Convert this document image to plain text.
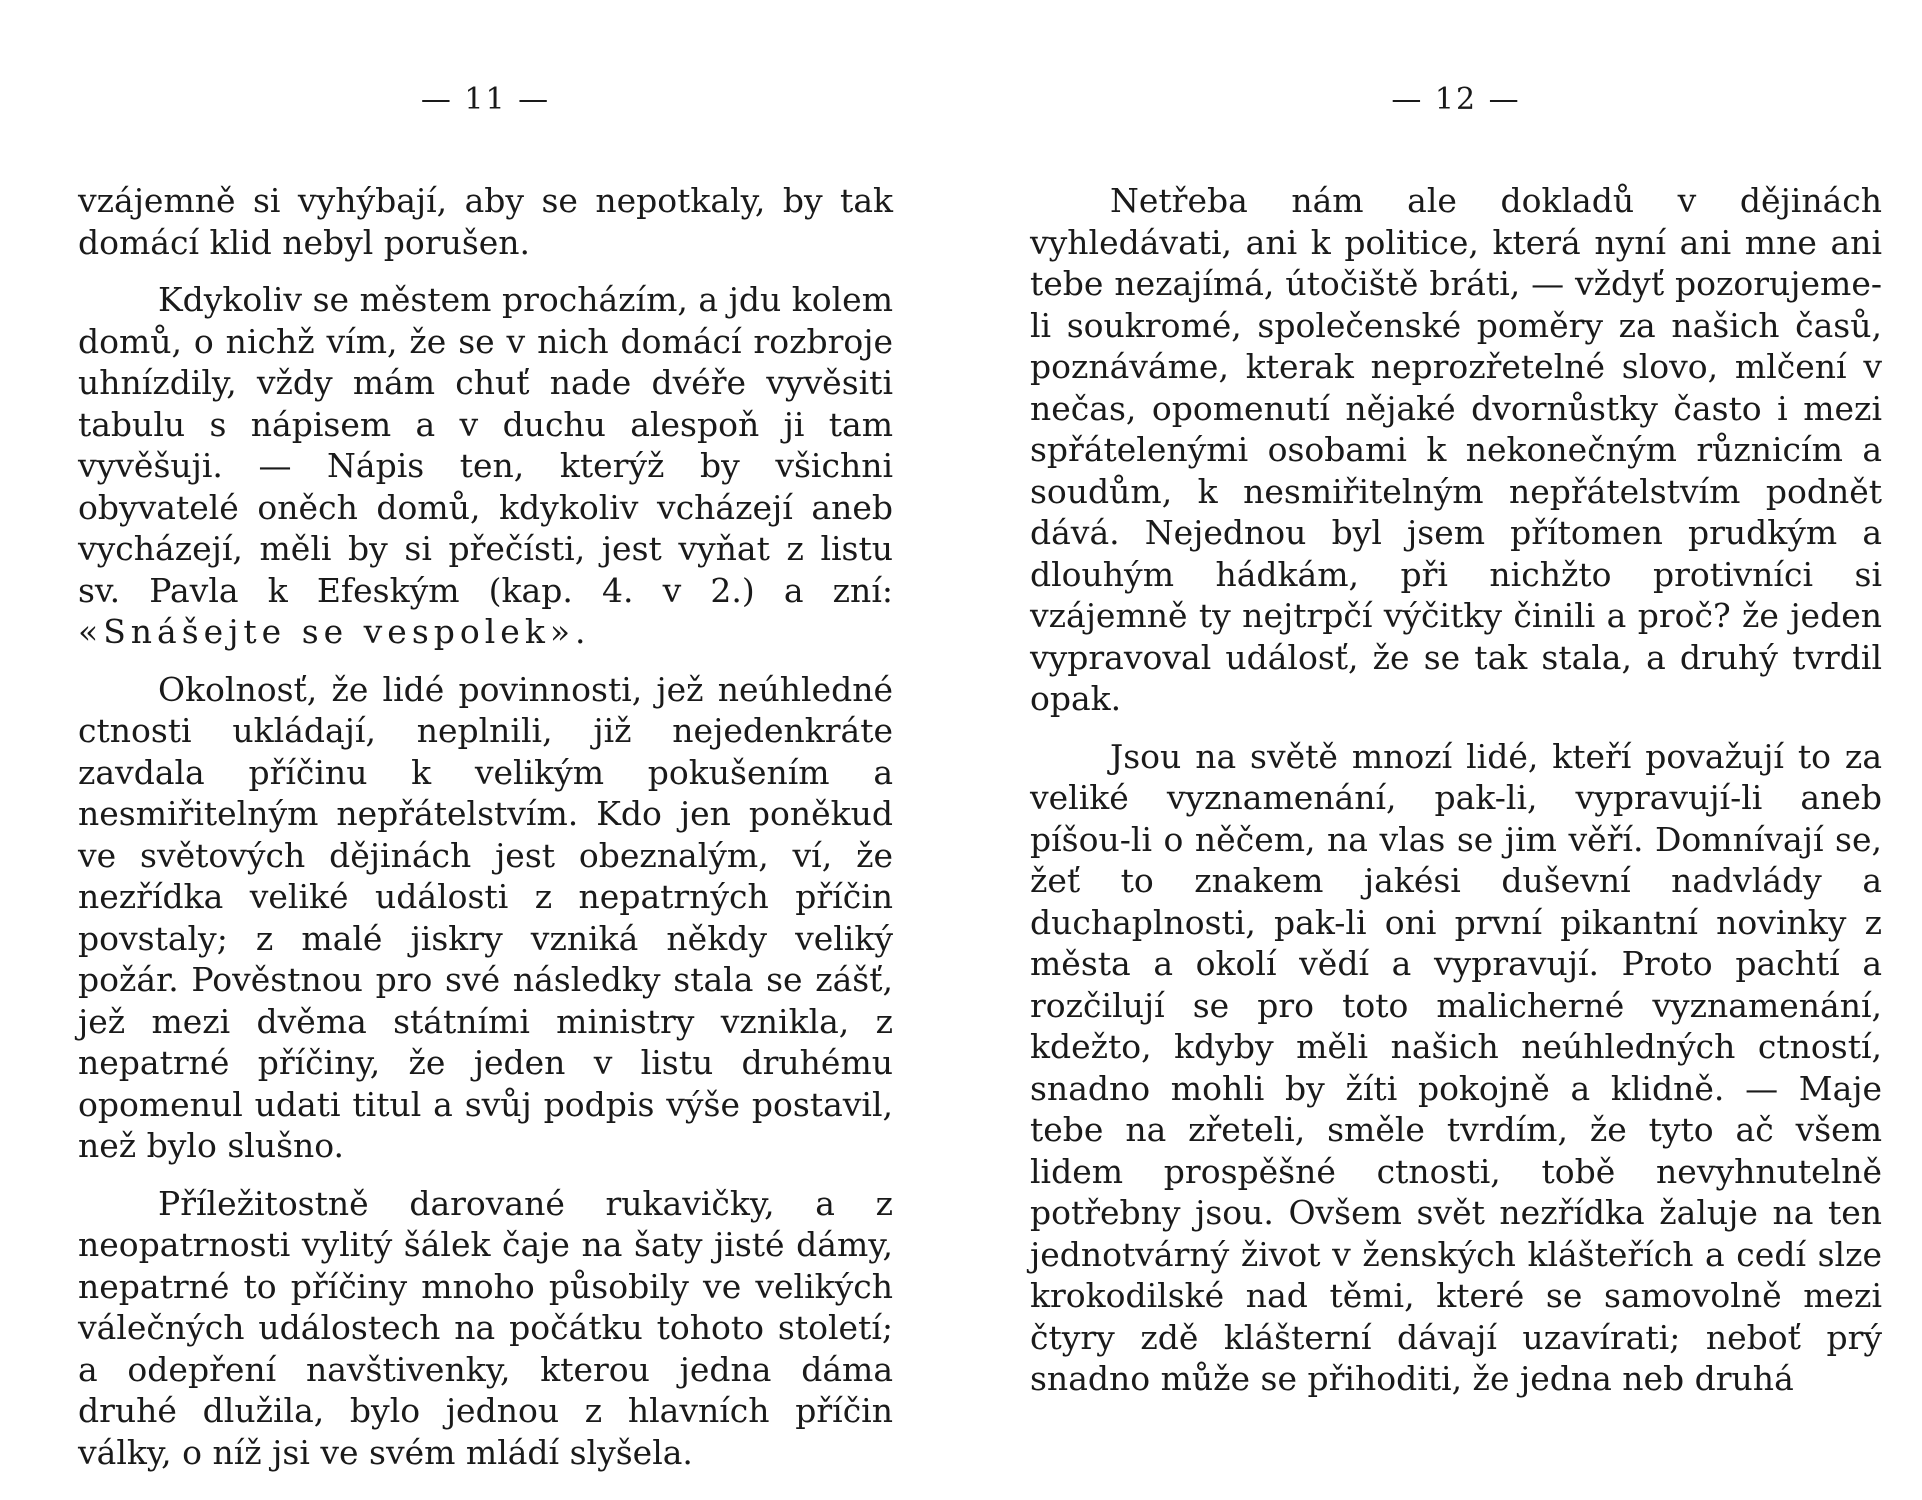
— 11 —

vzájemně si vyhýbají, aby se nepotkaly, by tak domácí klid nebyl porušen.

Kdykoliv se městem procházím, a jdu kolem domů, o nichž vím, že se v nich domácí rozbroje uhnízdily, vždy mám chuť nade dvéře vyvěsiti tabulu s nápisem a v duchu alespoň ji tam vyvěšuji. — Nápis ten, kterýž by všichni obyvatelé oněch domů, kdykoliv vcházejí aneb vycházejí, měli by si přečísti, jest vyňat z listu sv. Pavla k Efeským (kap. 4. v 2.) a zní: «Snášejte se vespolek».

Okolnosť, že lidé povinnosti, jež neúhledné ctnosti ukládají, neplnili, již nejedenkráte zavdala příčinu k velikým pokušením a nesmiřitelným nepřátelstvím. Kdo jen poněkud ve světových dějinách jest obeznalým, ví, že nezřídka veliké události z nepatrných příčin povstaly; z malé jiskry vzniká někdy veliký požár. Pověstnou pro své následky stala se zášť, jež mezi dvěma státními ministry vznikla, z nepatrné příčiny, že jeden v listu druhému opomenul udati titul a svůj podpis výše postavil, než bylo slušno.

Příležitostně darované rukavičky, a z neopatrnosti vylitý šálek čaje na šaty jisté dámy, nepatrné to příčiny mnoho působily ve velikých válečných událostech na počátku tohoto století; a odepření navštivenky, kterou jedna dáma druhé dlužila, bylo jednou z hlavních příčin války, o níž jsi ve svém mládí slyšela.

— 12 —

Netřeba nám ale dokladů v dějinách vyhledávati, ani k politice, která nyní ani mne ani tebe nezajímá, útočiště bráti, — vždyť pozorujeme-li soukromé, společenské poměry za našich časů, poznáváme, kterak neprozřetelné slovo, mlčení v nečas, opomenutí nějaké dvornůstky často i mezi spřátelenými osobami k nekonečným různicím a soudům, k nesmiřitelným nepřátelstvím podnět dává. Nejednou byl jsem přítomen prudkým a dlouhým hádkám, při nichžto protivníci si vzájemně ty nejtrpčí výčitky činili a proč? že jeden vypravoval událosť, že se tak stala, a druhý tvrdil opak.

Jsou na světě mnozí lidé, kteří považují to za veliké vyznamenání, pak-li, vypravují-li aneb píšou-li o něčem, na vlas se jim věří. Domnívají se, žeť to znakem jakési duševní nadvlády a duchaplnosti, pak-li oni první pikantní novinky z města a okolí vědí a vypravují. Proto pachtí a rozčilují se pro toto malicherné vyznamenání, kdežto, kdyby měli našich neúhledných ctností, snadno mohli by žíti pokojně a klidně. — Maje tebe na zřeteli, směle tvrdím, že tyto ač všem lidem prospěšné ctnosti, tobě nevyhnutelně potřebny jsou. Ovšem svět nezřídka žaluje na ten jednotvárný život v ženských klášteřích a cedí slze krokodilské nad těmi, které se samovolně mezi čtyry zdě klášterní dávají uzavírati; neboť prý snadno může se přihoditi, že jedna neb druhá
